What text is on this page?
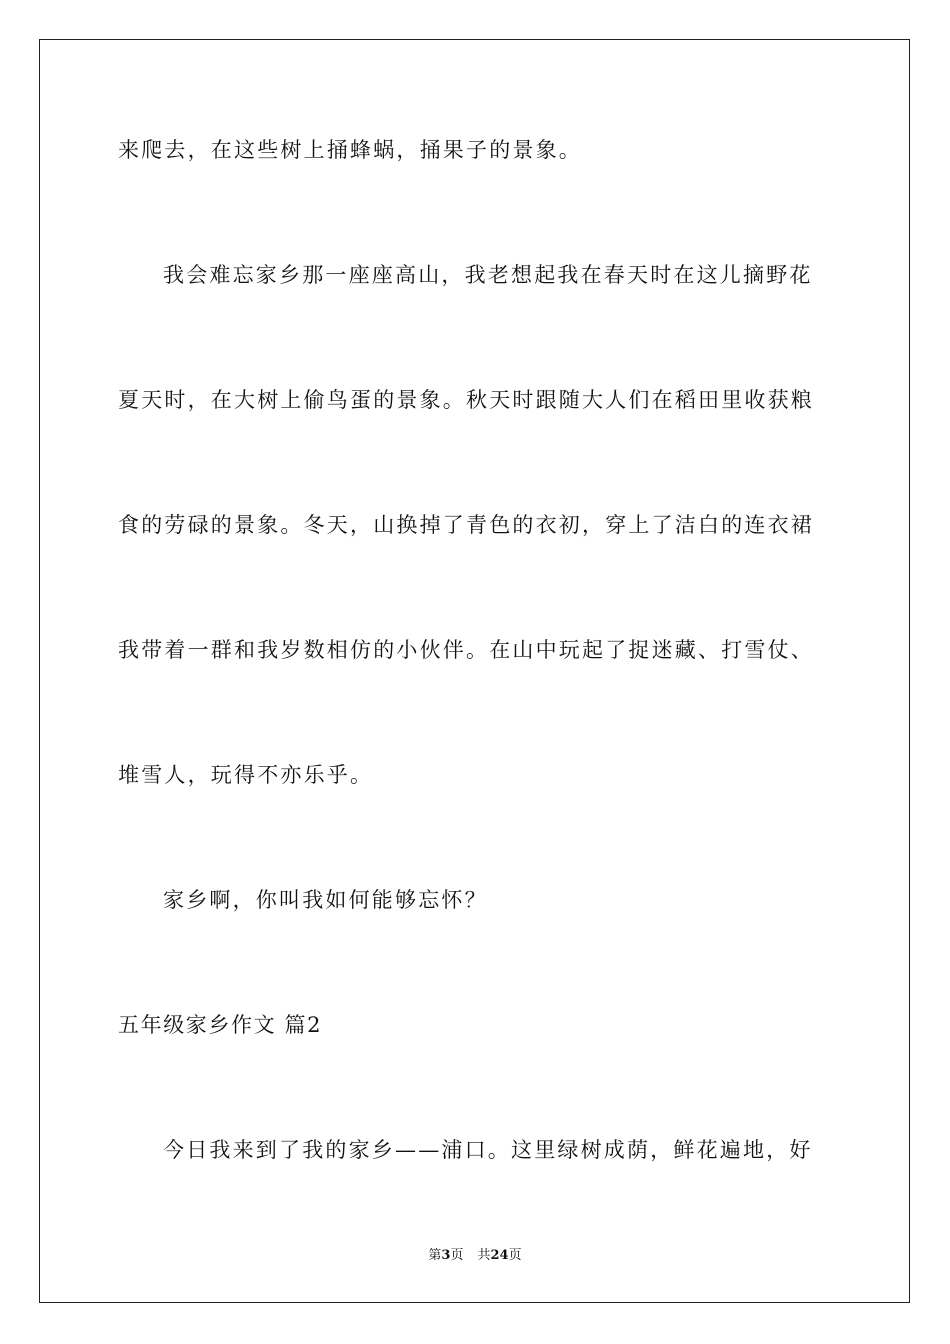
来爬去，在这些树上捅蜂蜗，捅果子的景象。
我会难忘家乡那一座座高山，我老想起我在春天时在这儿摘野花
夏天时，在大树上偷鸟蛋的景象。秋天时跟随大人们在稻田里收获粮
食的劳碌的景象。冬天，山换掉了青色的衣初，穿上了洁白的连衣裙
我带着一群和我岁数相仿的小伙伴。在山中玩起了捉迷藏、打雪仗、
堆雪人，玩得不亦乐乎。
家乡啊，你叫我如何能够忘怀？
五年级家乡作文 篇2
今日我来到了我的家乡——浦口。这里绿树成荫，鲜花遍地，好
第3页 共24页
